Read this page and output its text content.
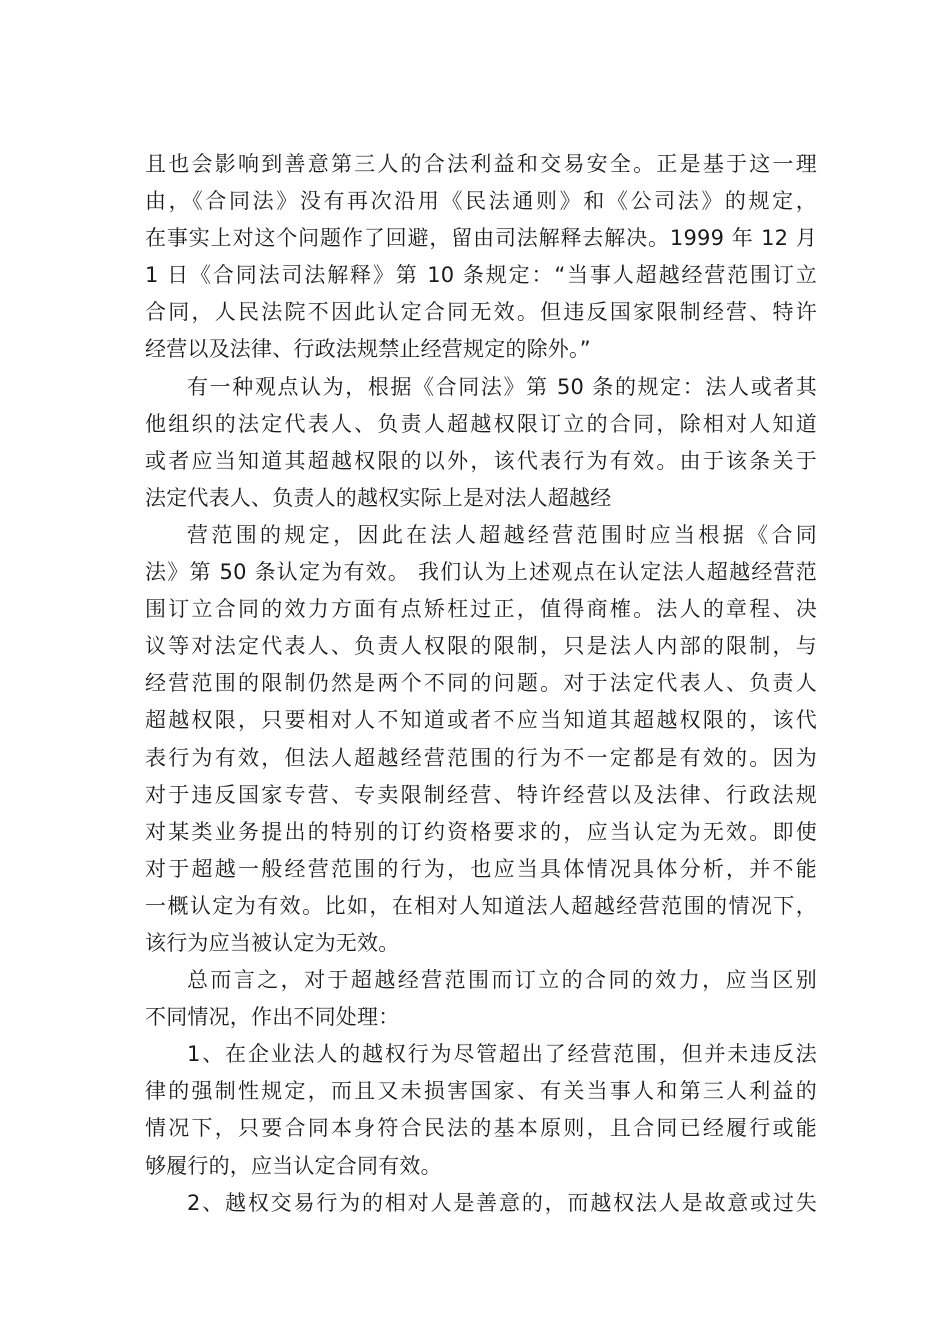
且也会影响到善意第三人的合法利益和交易安全。正是基于这一理
由，《合同法》没有再次沿用《民法通则》和《公司法》的规定，
在事实上对这个问题作了回避，留由司法解释去解决。1999 年 12 月
1 日《合同法司法解释》第 10 条规定：“当事人超越经营范围订立
合同，人民法院不因此认定合同无效。但违反国家限制经营、特许
经营以及法律、行政法规禁止经营规定的除外。”
有一种观点认为，根据《合同法》第 50 条的规定：法人或者其
他组织的法定代表人、负责人超越权限订立的合同，除相对人知道
或者应当知道其超越权限的以外，该代表行为有效。由于该条关于
法定代表人、负责人的越权实际上是对法人超越经
营范围的规定，因此在法人超越经营范围时应当根据《合同
法》第 50 条认定为有效。 我们认为上述观点在认定法人超越经营范
围订立合同的效力方面有点矫枉过正，值得商榷。法人的章程、决
议等对法定代表人、负责人权限的限制，只是法人内部的限制，与
经营范围的限制仍然是两个不同的问题。对于法定代表人、负责人
超越权限，只要相对人不知道或者不应当知道其超越权限的，该代
表行为有效，但法人超越经营范围的行为不一定都是有效的。因为
对于违反国家专营、专卖限制经营、特许经营以及法律、行政法规
对某类业务提出的特别的订约资格要求的，应当认定为无效。即使
对于超越一般经营范围的行为，也应当具体情况具体分析，并不能
一概认定为有效。比如，在相对人知道法人超越经营范围的情况下，
该行为应当被认定为无效。
总而言之，对于超越经营范围而订立的合同的效力，应当区别
不同情况，作出不同处理：
1、在企业法人的越权行为尽管超出了经营范围，但并未违反法
律的强制性规定，而且又未损害国家、有关当事人和第三人利益的
情况下，只要合同本身符合民法的基本原则，且合同已经履行或能
够履行的，应当认定合同有效。
2、越权交易行为的相对人是善意的，而越权法人是故意或过失
